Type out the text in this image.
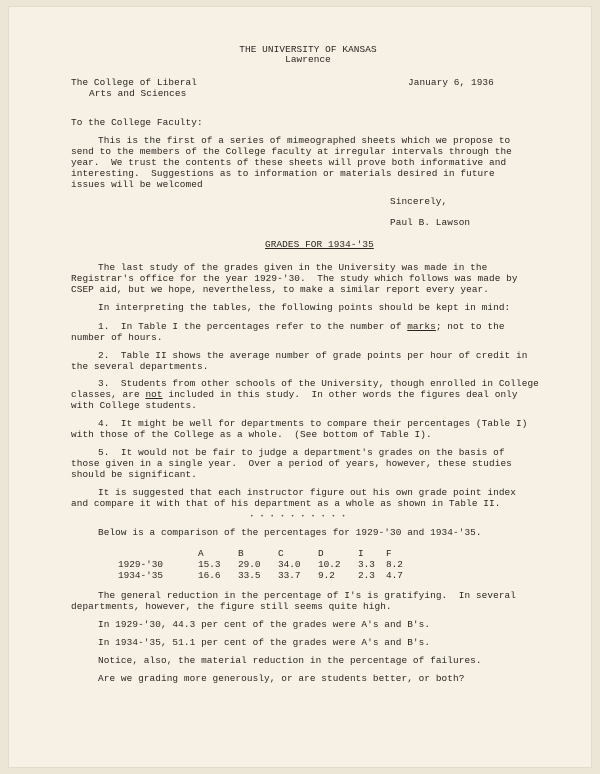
THE UNIVERSITY OF KANSAS
Lawrence
The College of Liberal
Arts and Sciences
January 6, 1936
To the College Faculty:
This is the first of a series of mimeographed sheets which we propose to
send to the members of the College faculty at irregular intervals through the
year.  We trust the contents of these sheets will prove both informative and
interesting.  Suggestions as to information or materials desired in future
issues will be welcomed
Sincerely,
Paul B. Lawson
GRADES FOR 1934-'35
The last study of the grades given in the University was made in the
Registrar's office for the year 1929-'30.  The study which follows was made by
CSEP aid, but we hope, nevertheless, to make a similar report every year.
In interpreting the tables, the following points should be kept in mind:
1.  In Table I the percentages refer to the number of marks; not to the
number of hours.
2.  Table II shows the average number of grade points per hour of credit in
the several departments.
3.  Students from other schools of the University, though enrolled in College
classes, are not included in this study.  In other words the figures deal only
with College students.
4.  It might be well for departments to compare their percentages (Table I)
with those of the College as a whole.  (See bottom of Table I).
5.  It would not be fair to judge a department's grades on the basis of
those given in a single year.  Over a period of years, however, these studies
should be significant.
It is suggested that each instructor figure out his own grade point index
and compare it with that of his department as a whole as shown in Table II.
• • • • • • • • • •
Below is a comparison of the percentages for 1929-'30 and 1934-'35.
	A	B	C	D	I	F
1929-'30	15.3	29.0	34.0	10.2	3.3	8.2
1934-'35	16.6	33.5	33.7	9.2	2.3	4.7
The general reduction in the percentage of I's is gratifying.  In several
departments, however, the figure still seems quite high.
In 1929-'30, 44.3 per cent of the grades were A's and B's.
In 1934-'35, 51.1 per cent of the grades were A's and B's.
Notice, also, the material reduction in the percentage of failures.
Are we grading more generously, or are students better, or both?
